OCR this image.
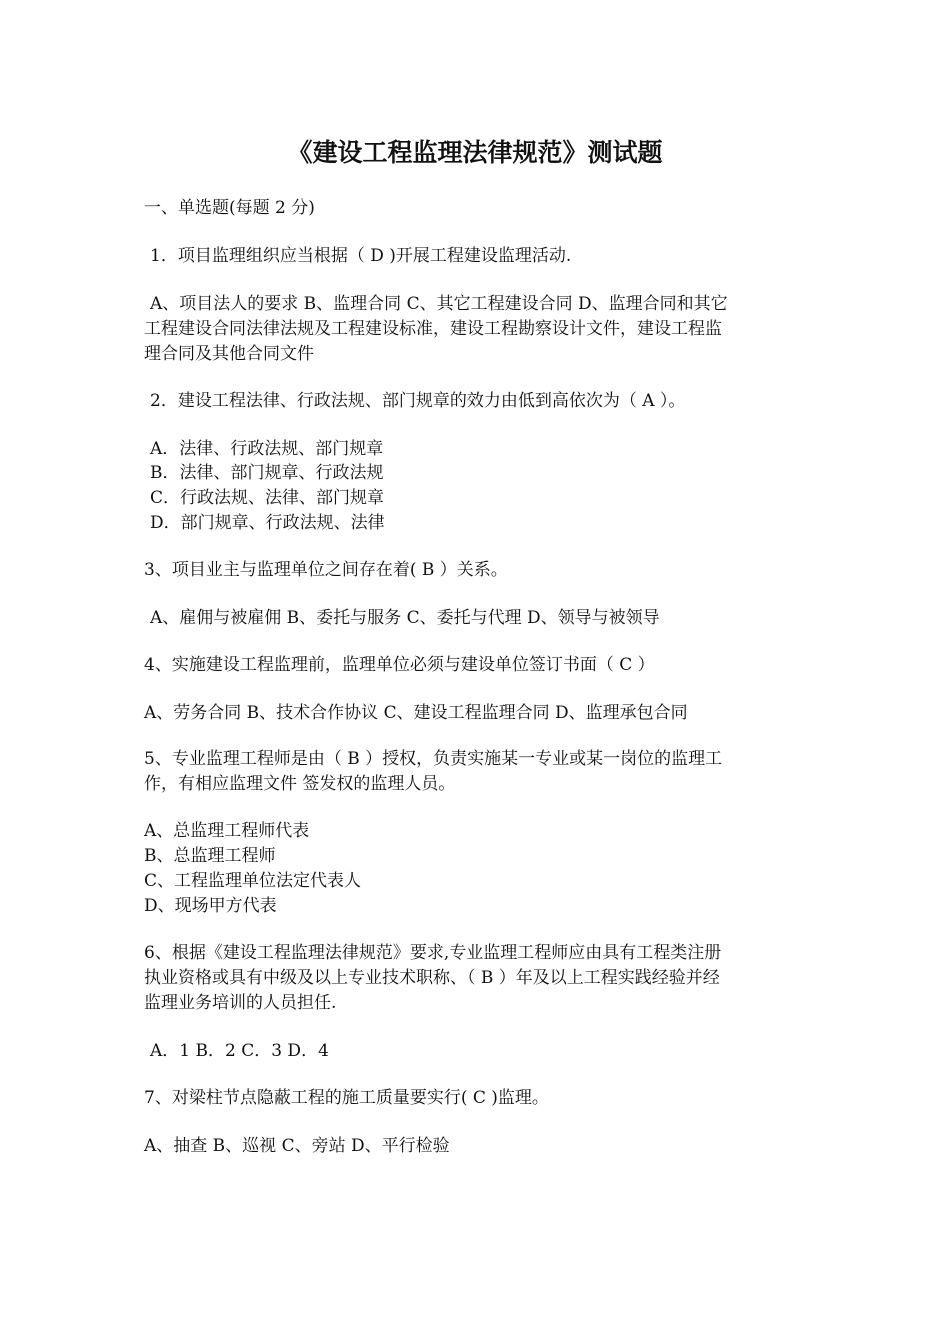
《建设工程监理法律规范》测试题
一、单选题(每题 2 分)
1．项目监理组织应当根据（ D )开展工程建设监理活动.
A、项目法人的要求 B、监理合同 C、其它工程建设合同 D、监理合同和其它
工程建设合同法律法规及工程建设标准，建设工程勘察设计文件，建设工程监
理合同及其他合同文件
2．建设工程法律、行政法规、部门规章的效力由低到高依次为（ A ）。
A．法律、行政法规、部门规章
B．法律、部门规章、行政法规
C．行政法规、法律、部门规章
D．部门规章、行政法规、法律
3、项目业主与监理单位之间存在着( B ）关系。
A、雇佣与被雇佣 B、委托与服务 C、委托与代理 D、领导与被领导
4、实施建设工程监理前，监理单位必须与建设单位签订书面（ C ）
A、劳务合同 B、技术合作协议 C、建设工程监理合同 D、监理承包合同
5、专业监理工程师是由（ B ）授权，负责实施某一专业或某一岗位的监理工
作，有相应监理文件 签发权的监理人员。
A、总监理工程师代表
B、总监理工程师
C、工程监理单位法定代表人
D、现场甲方代表
6、根据《建设工程监理法律规范》要求,专业监理工程师应由具有工程类注册
执业资格或具有中级及以上专业技术职称、（ B ）年及以上工程实践经验并经
监理业务培训的人员担任.
A．1 B．2 C．3 D．4
7、对梁柱节点隐蔽工程的施工质量要实行( C )监理。
A、抽查 B、巡视 C、旁站 D、平行检验
